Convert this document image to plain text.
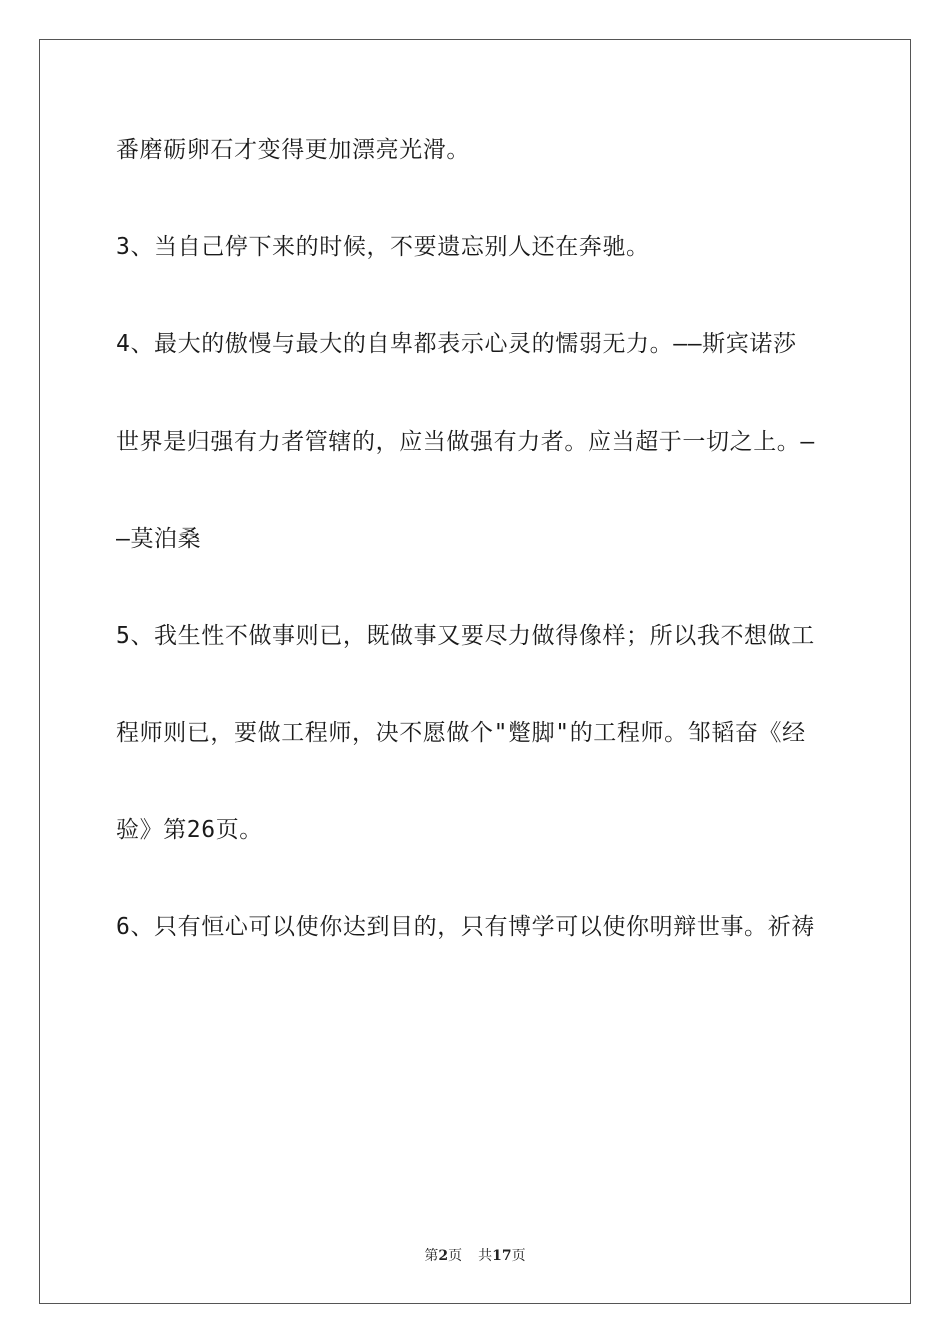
番磨砺卵石才变得更加漂亮光滑。
3、当自己停下来的时候，不要遗忘别人还在奔驰。
4、最大的傲慢与最大的自卑都表示心灵的懦弱无力。——斯宾诺莎
世界是归强有力者管辖的，应当做强有力者。应当超于一切之上。—
—莫泊桑
5、我生性不做事则已，既做事又要尽力做得像样；所以我不想做工
程师则已，要做工程师，决不愿做个"蹩脚"的工程师。邹韬奋《经
验》第26页。
6、只有恒心可以使你达到目的，只有博学可以使你明辩世事。祈祷
第2页 共17页
